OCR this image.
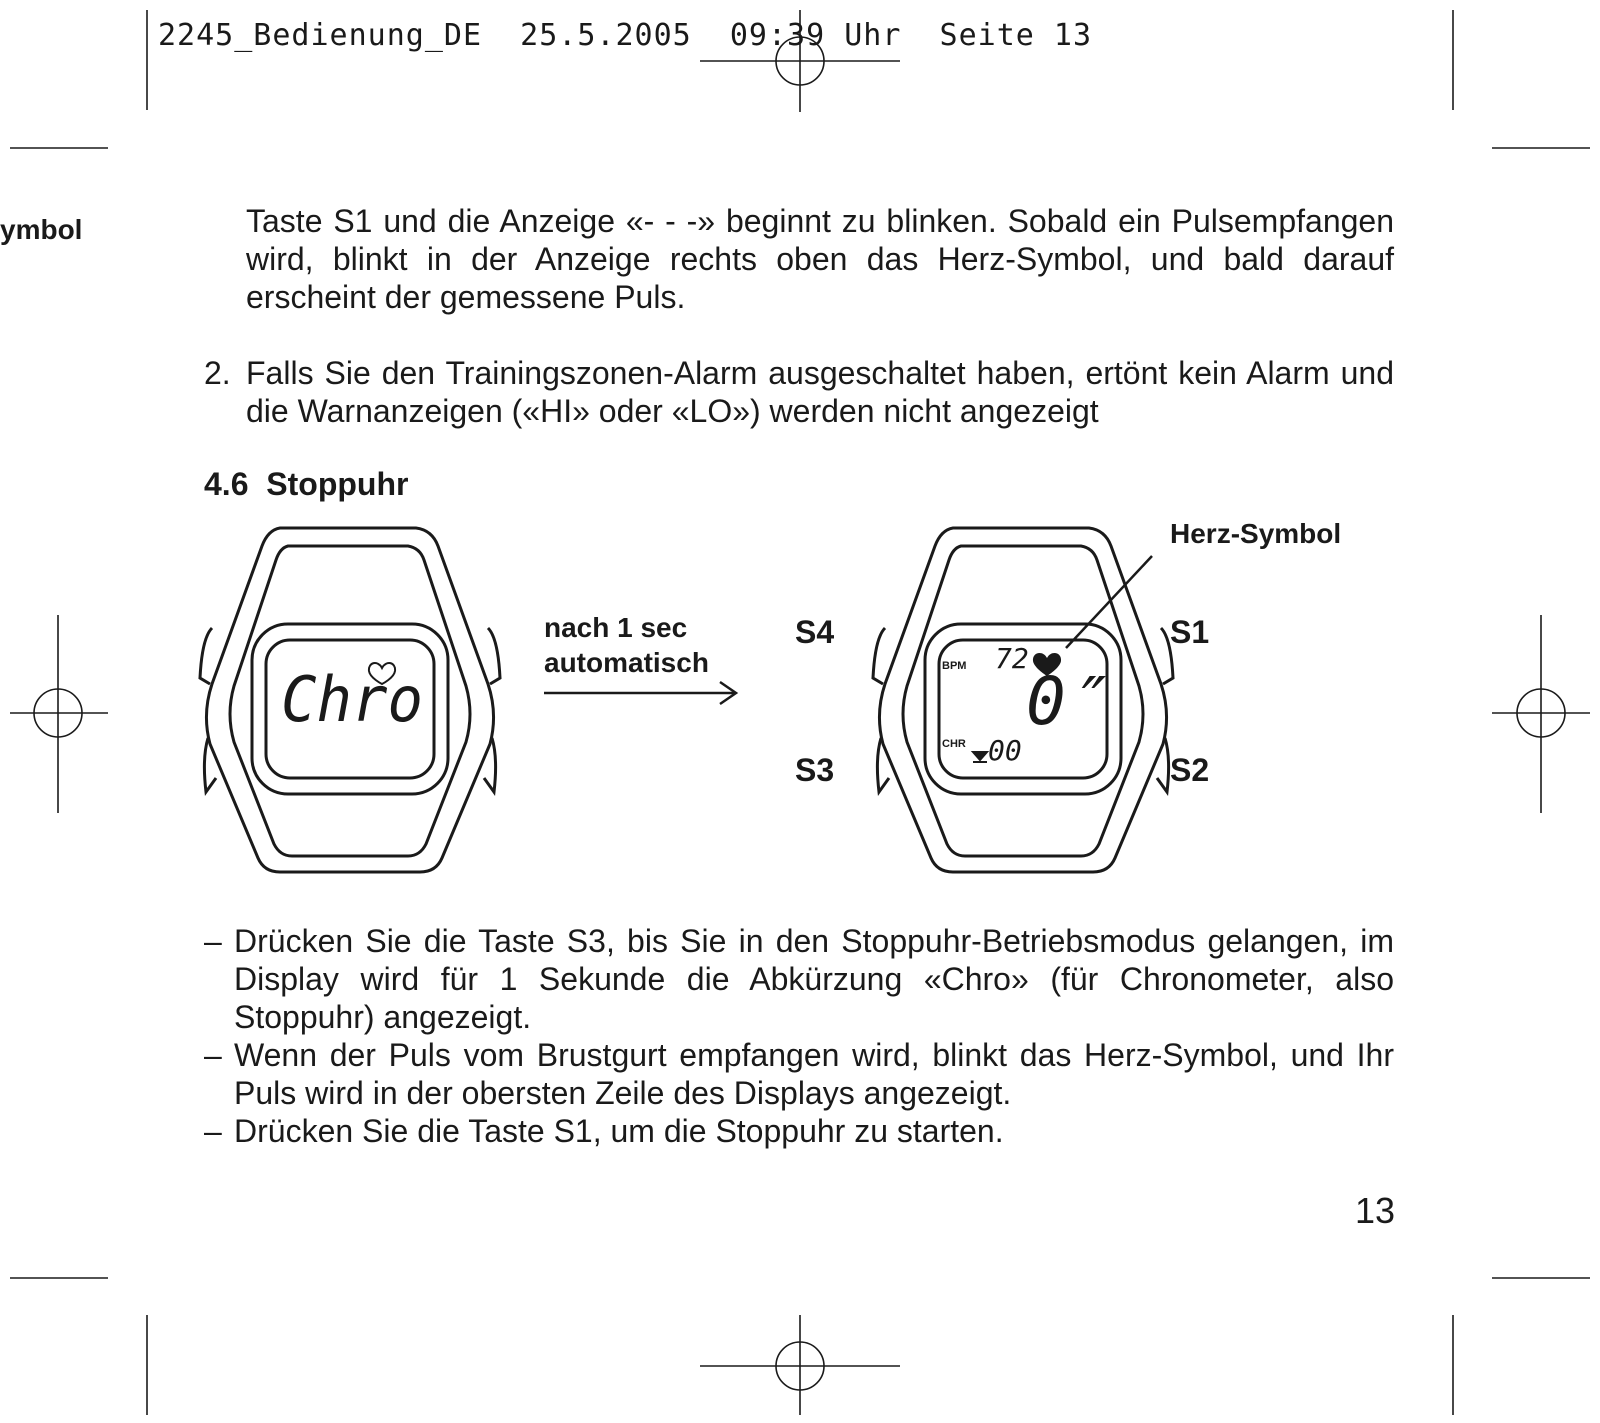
2245_Bedienung_DE 25.5.2005 09:39 Uhr Seite 13
ymbol	Taste S1 und die Anzeige «- - -» beginnt zu blinken. Sobald ein Pulsempfangen wird, blinkt in der Anzeige rechts oben das Herz-Symbol, und bald darauf erscheint der gemessene Puls.

2. Falls Sie den Trainingszonen-Alarm ausgeschaltet haben, ertönt kein Alarm und die Warnanzeigen («HI» oder «LO») werden nicht angezeigt

4.6 Stoppuhr
Chro	BPM 72
0″
CHR 00
nach 1 sec
automatisch
Herz-Symbol
S4
S3
S1
S2
– Drücken Sie die Taste S3, bis Sie in den Stoppuhr-Betriebsmodus gelangen, im Display wird für 1 Sekunde die Abkürzung «Chro» (für Chronometer, also Stoppuhr) angezeigt.
– Wenn der Puls vom Brustgurt empfangen wird, blinkt das Herz-Symbol, und Ihr Puls wird in der obersten Zeile des Displays angezeigt.
– Drücken Sie die Taste S1, um die Stoppuhr zu starten.
13
